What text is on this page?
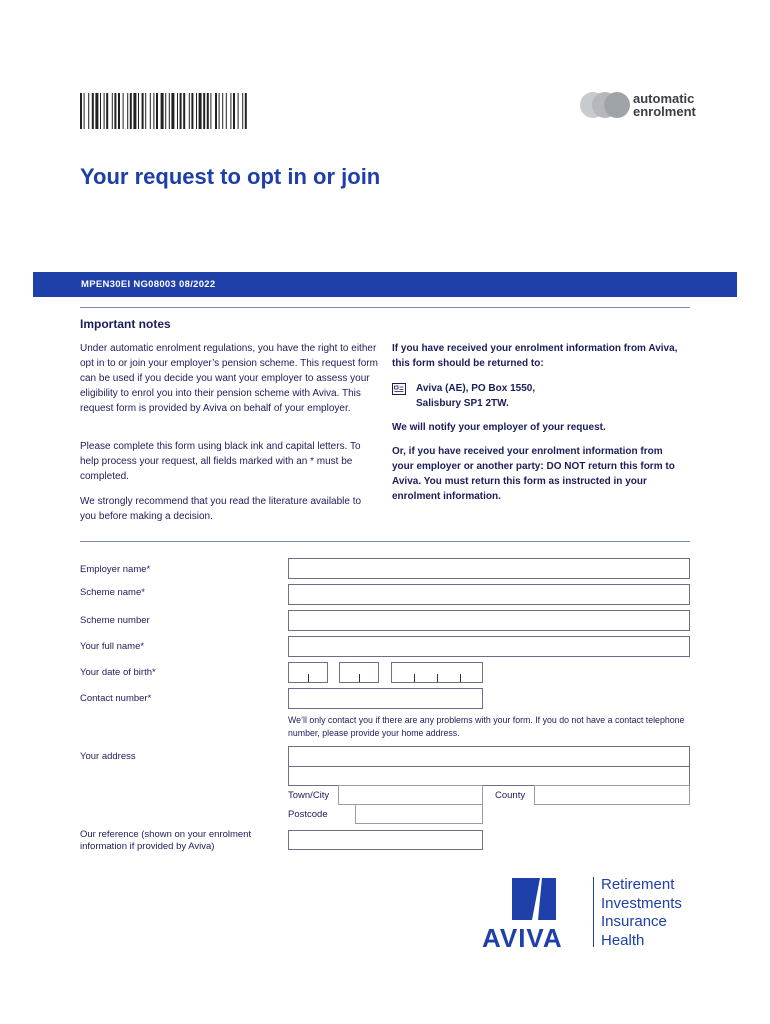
automatic
enrolment
Your request to opt in or join
MPEN30EI NG08003 08/2022
Important notes
Under automatic enrolment regulations, you have the right to either opt in to or join your employer’s pension scheme. This request form can be used if you decide you want your employer to assess your eligibility to enrol you into their pension scheme with Aviva. This request form is provided by Aviva on behalf of your employer.
Please complete this form using black ink and capital letters. To help process your request, all fields marked with an * must be completed.
We strongly recommend that you read the literature available to you before making a decision.
If you have received your enrolment information from Aviva, this form should be returned to:
Aviva (AE), PO Box 1550,
Salisbury SP1 2TW.
We will notify your employer of your request.
Or, if you have received your enrolment information from your employer or another party: DO NOT return this form to Aviva. You must return this form as instructed in your enrolment information.
Employer name*
Scheme name*
Scheme number
Your full name*
Your date of birth*
Contact number*
We’ll only contact you if there are any problems with your form. If you do not have a contact telephone number, please provide your home address.
Your address
Town/City	County
Postcode
Our reference (shown on your enrolment information if provided by Aviva)
AVIVA
Retirement
Investments
Insurance
Health
